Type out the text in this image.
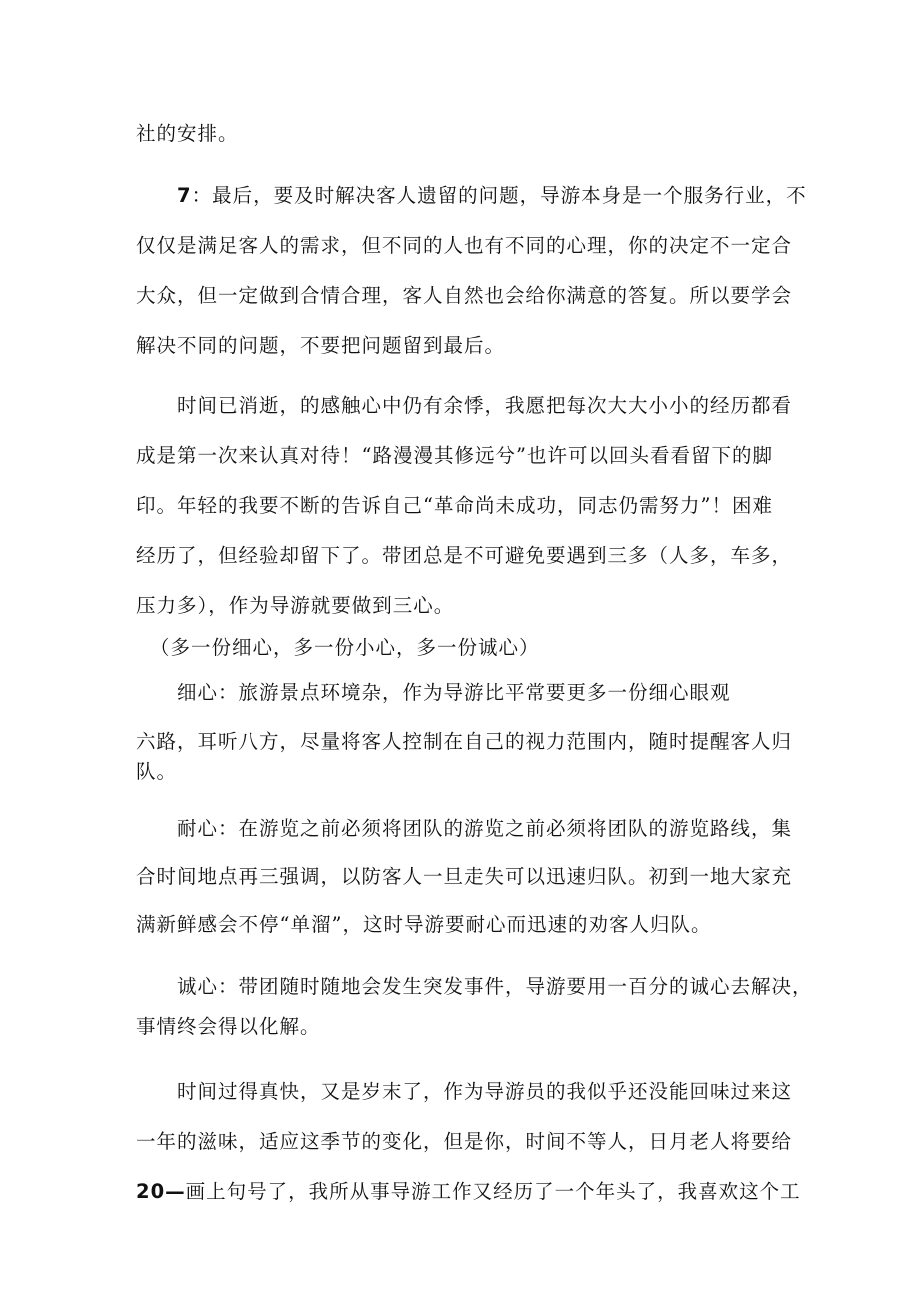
社的安排。
7：最后，要及时解决客人遗留的问题，导游本身是一个服务行业，不
仅仅是满足客人的需求，但不同的人也有不同的心理，你的决定不一定合
大众，但一定做到合情合理，客人自然也会给你满意的答复。所以要学会
解决不同的问题，不要把问题留到最后。
时间已消逝，的感触心中仍有余悸，我愿把每次大大小小的经历都看
成是第一次来认真对待！“路漫漫其修远兮”也许可以回头看看留下的脚
印。年轻的我要不断的告诉自己“革命尚未成功，同志仍需努力”！困难
经历了，但经验却留下了。带团总是不可避免要遇到三多（人多，车多，
压力多），作为导游就要做到三心。
（多一份细心，多一份小心，多一份诚心）
细心：旅游景点环境杂，作为导游比平常要更多一份细心眼观
六路，耳听八方，尽量将客人控制在自己的视力范围内，随时提醒客人归
队。
耐心：在游览之前必须将团队的游览之前必须将团队的游览路线，集
合时间地点再三强调，以防客人一旦走失可以迅速归队。初到一地大家充
满新鲜感会不停“单溜”，这时导游要耐心而迅速的劝客人归队。
诚心：带团随时随地会发生突发事件，导游要用一百分的诚心去解决，
事情终会得以化解。
时间过得真快，又是岁末了，作为导游员的我似乎还没能回味过来这
一年的滋味，适应这季节的变化，但是你，时间不等人，日月老人将要给
20—画上句号了，我所从事导游工作又经历了一个年头了，我喜欢这个工
